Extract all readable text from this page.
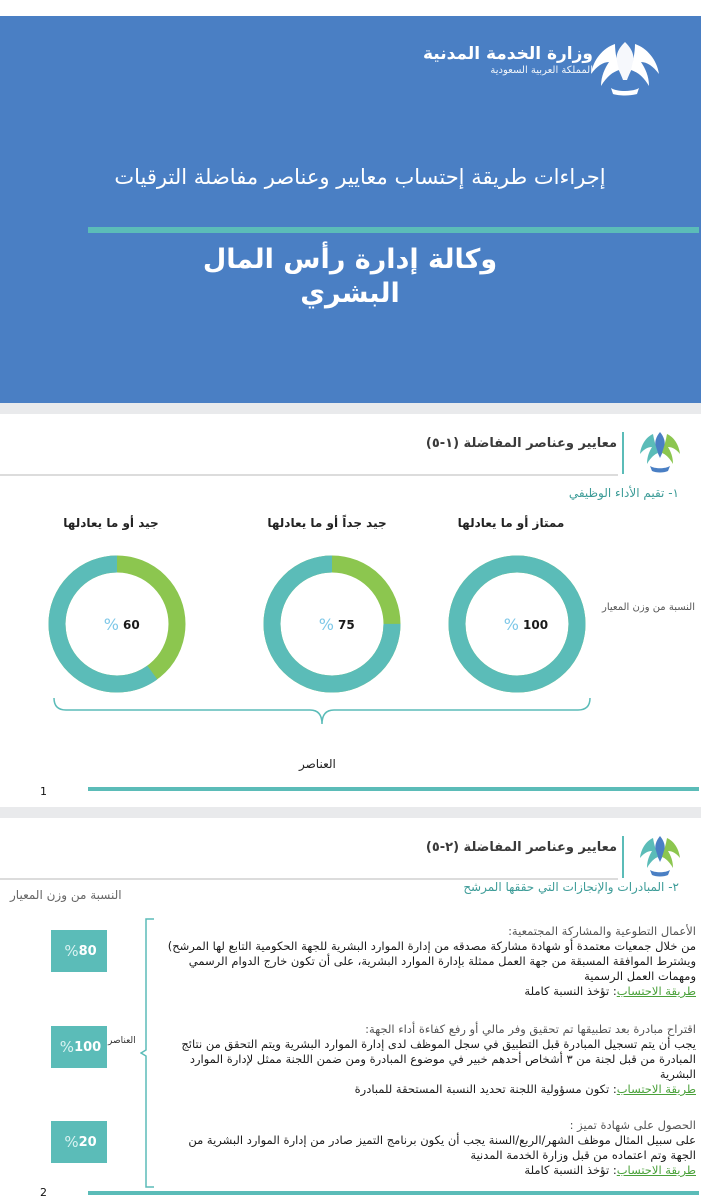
وزارة الخدمة المدنية
المملكة العربية السعودية
إجراءات طريقة إحتساب معايير وعناصر مفاضلة الترقيات
وكالة إدارة رأس المال البشري
معايير وعناصر المفاضلة (١-٥)
١- تقيم الأداء الوظيفي
النسبة من وزن المعيار
ممتاز أو ما يعادلها
جيد جداً أو ما يعادلها
جيد أو ما يعادلها
100
%
75
%
60
%
العناصر
1
معايير وعناصر المفاضلة (٢-٥)
٢- المبادرات والإنجازات التي حققها المرشح
النسبة من وزن المعيار
80
%
100
%
20
%
العناصر
الأعمال التطوعية والمشاركة المجتمعية:
من خلال جمعيات معتمدة أو شهادة مشاركة مصدقه من إدارة الموارد البشرية للجهة الحكومية التابع لها المرشح) ويشترط الموافقة المسبقة من جهة العمل ممثلة بإدارة الموارد البشرية، على أن تكون خارج الدوام الرسمي ومهمات العمل الرسمية
طريقة الاحتساب: تؤخذ النسبة كاملة
اقتراح مبادرة بعد تطبيقها تم تحقيق وفر مالي أو رفع كفاءة أداء الجهة:
يجب أن يتم تسجيل المبادرة قبل التطبيق في سجل الموظف لدى إدارة الموارد البشرية ويتم التحقق من نتائج المبادرة من قبل لجنة من ٣ أشخاص أحدهم خبير في موضوع المبادرة ومن ضمن اللجنة ممثل لإدارة الموارد البشرية
طريقة الاحتساب: تكون مسؤولية اللجنة تحديد النسبة المستحقة للمبادرة
الحصول على شهادة تميز :
على سبيل المثال موظف الشهر/الربع/السنة يجب أن يكون برنامج التميز صادر من إدارة الموارد البشرية من الجهة وتم اعتماده من قبل وزارة الخدمة المدنية
طريقة الاحتساب: تؤخذ النسبة كاملة
2
